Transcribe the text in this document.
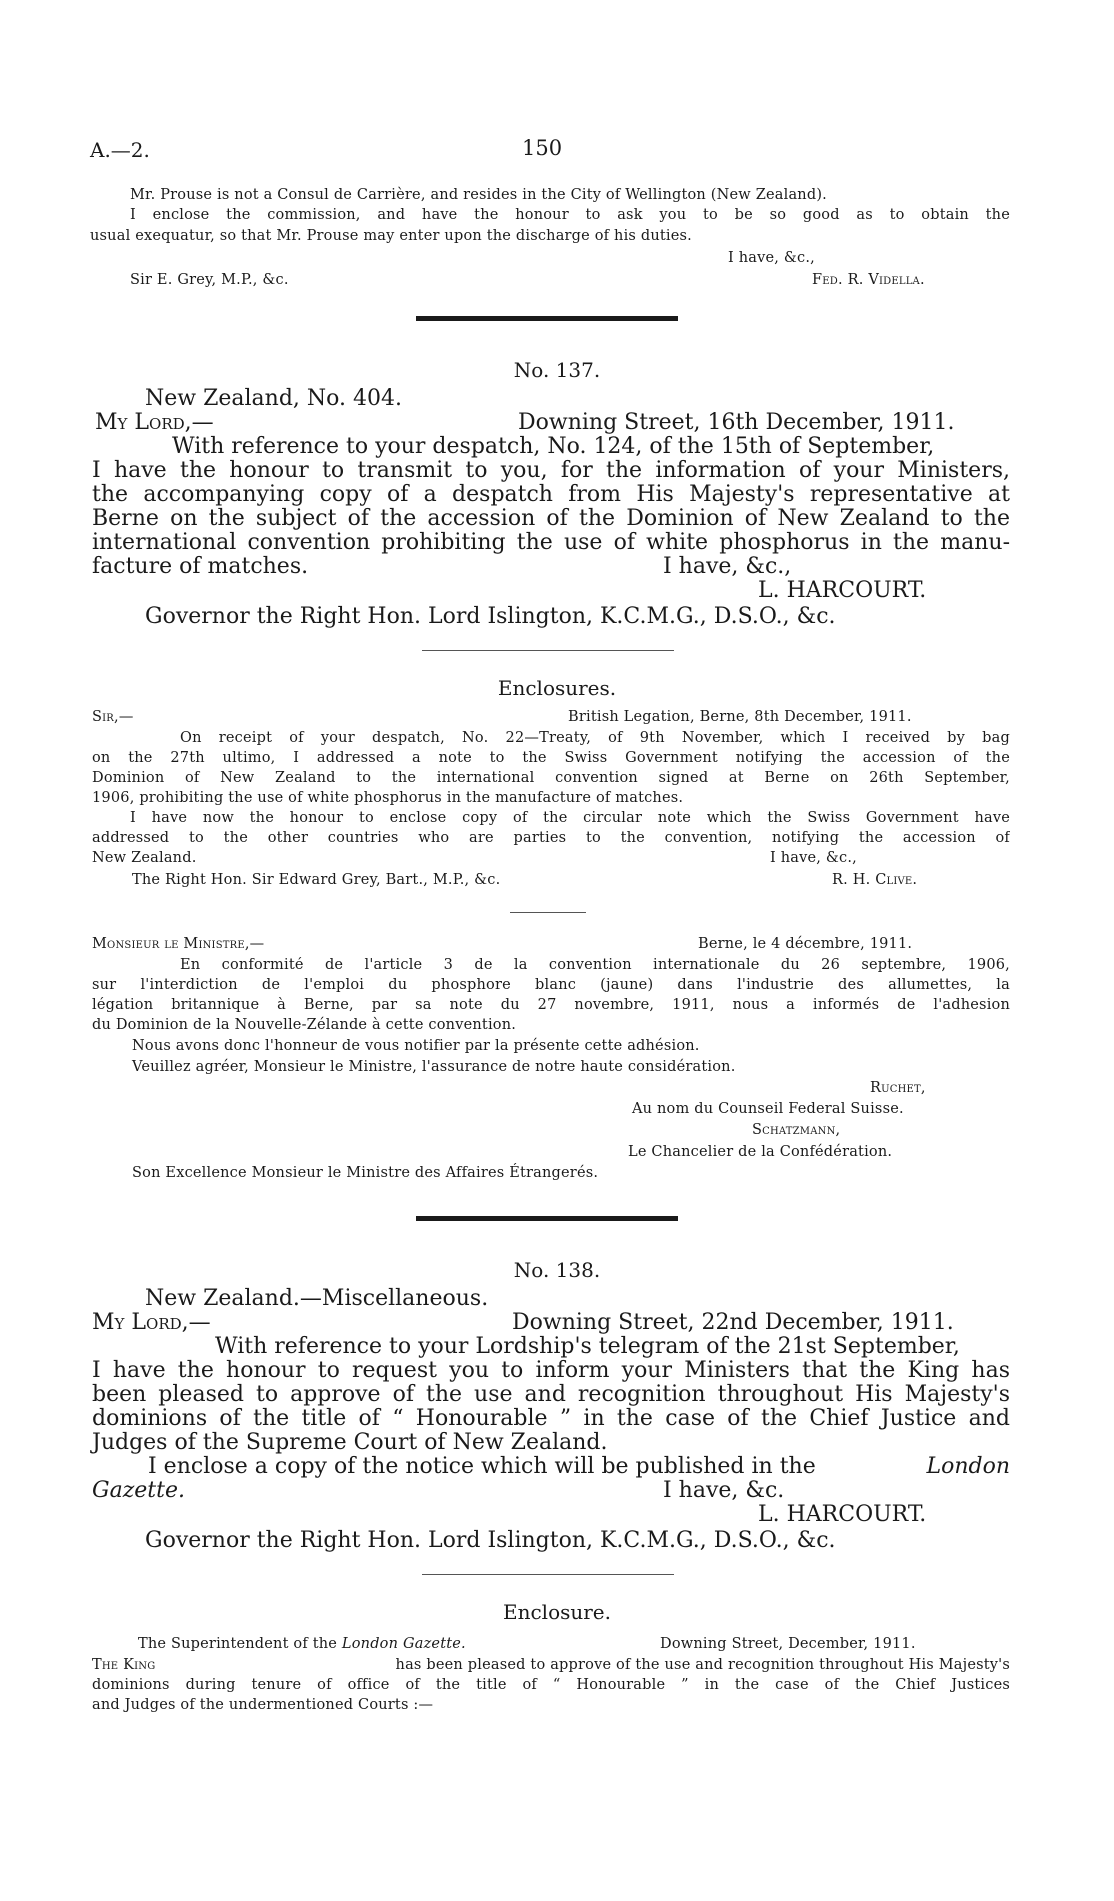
A.—2.	150
Mr. Prouse is not a Consul de Carrière, and resides in the City of Wellington (New Zealand).
I enclose the commission, and have the honour to ask you to be so good as to obtain the
usual exequatur, so that Mr. Prouse may enter upon the discharge of his duties.
I have, &c.,
Sir E. Grey, M.P., &c.	Fed. R. Vidella.
No. 137.
New Zealand, No. 404.
My Lord,—	Downing Street, 16th December, 1911.
With reference to your despatch, No. 124, of the 15th of September,
I have the honour to transmit to you, for the information of your Ministers,
the accompanying copy of a despatch from His Majesty's representative at
Berne on the subject of the accession of the Dominion of New Zealand to the
international convention prohibiting the use of white phosphorus in the manu-
facture of matches.	I have, &c.,
L. HARCOURT.
Governor the Right Hon. Lord Islington, K.C.M.G., D.S.O., &c.
Enclosures.
Sir,—	British Legation, Berne, 8th December, 1911.
On receipt of your despatch, No. 22—Treaty, of 9th November, which I received by bag
on the 27th ultimo, I addressed a note to the Swiss Government notifying the accession of the
Dominion of New Zealand to the international convention signed at Berne on 26th September,
1906, prohibiting the use of white phosphorus in the manufacture of matches.
I have now the honour to enclose copy of the circular note which the Swiss Government have
addressed to the other countries who are parties to the convention, notifying the accession of
New Zealand.	I have, &c.,
The Right Hon. Sir Edward Grey, Bart., M.P., &c.	R. H. Clive.
Monsieur le Ministre,—	Berne, le 4 décembre, 1911.
En conformité de l'article 3 de la convention internationale du 26 septembre, 1906,
sur l'interdiction de l'emploi du phosphore blanc (jaune) dans l'industrie des allumettes, la
légation britannique à Berne, par sa note du 27 novembre, 1911, nous a informés de l'adhesion
du Dominion de la Nouvelle-Zélande à cette convention.
Nous avons donc l'honneur de vous notifier par la présente cette adhésion.
Veuillez agréer, Monsieur le Ministre, l'assurance de notre haute considération.
Ruchet,
Au nom du Counseil Federal Suisse.
Schatzmann,
Le Chancelier de la Confédération.
Son Excellence Monsieur le Ministre des Affaires Étrangerés.
No. 138.
New Zealand.—Miscellaneous.
My Lord,—	Downing Street, 22nd December, 1911.
With reference to your Lordship's telegram of the 21st September,
I have the honour to request you to inform your Ministers that the King has
been pleased to approve of the use and recognition throughout His Majesty's
dominions of the title of “ Honourable ” in the case of the Chief Justice and
Judges of the Supreme Court of New Zealand.
I enclose a copy of the notice which will be published in the	London
Gazette.	I have, &c.
L. HARCOURT.
Governor the Right Hon. Lord Islington, K.C.M.G., D.S.O., &c.
Enclosure.
The Superintendent of the London Gazette.	Downing Street, December, 1911.
The King	has been pleased to approve of the use and recognition throughout His Majesty's
dominions during tenure of office of the title of “ Honourable ” in the case of the Chief Justices
and Judges of the undermentioned Courts :—
